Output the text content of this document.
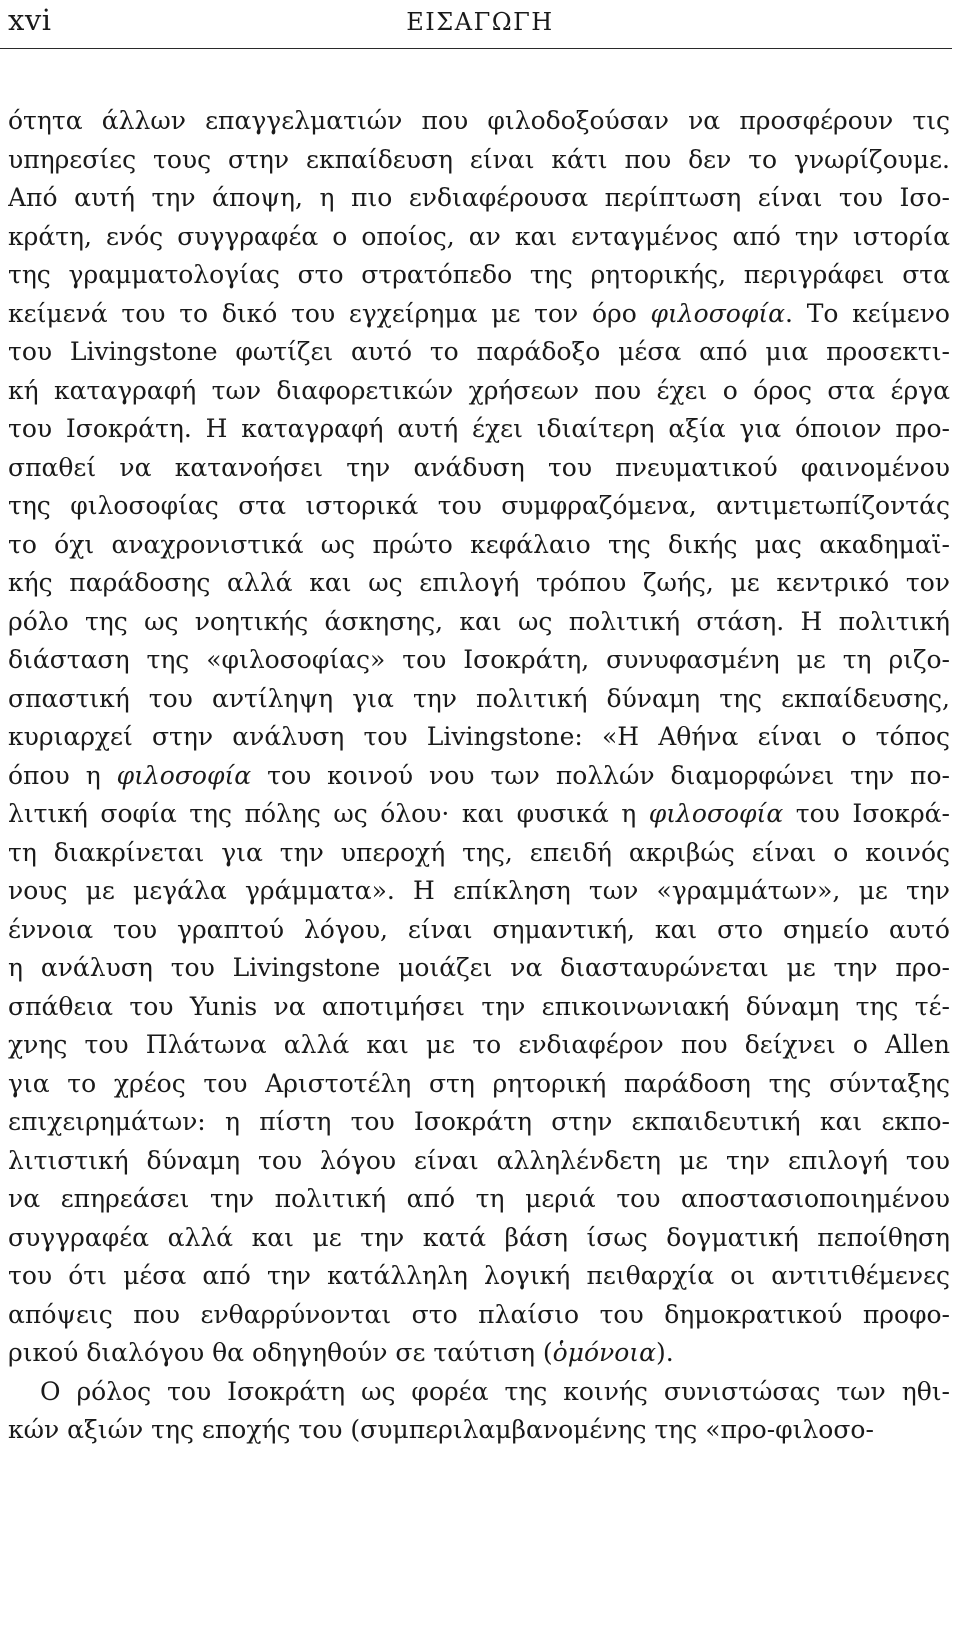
xvi	ΕΙΣΑΓΩΓΗ
ότητα άλλων επαγγελματιών που φιλοδοξούσαν να προσφέρουν τις
υπηρεσίες τους στην εκπαίδευση είναι κάτι που δεν το γνωρίζουμε.
Από αυτή την άποψη, η πιο ενδιαφέρουσα περίπτωση είναι του Ισο-
κράτη, ενός συγγραφέα ο οποίος, αν και ενταγμένος από την ιστορία
της γραμματολογίας στο στρατόπεδο της ρητορικής, περιγράφει στα
κείμενά του το δικό του εγχείρημα με τον όρο φιλοσοφία. Το κείμενο
του Livingstone φωτίζει αυτό το παράδοξο μέσα από μια προσεκτι-
κή καταγραφή των διαφορετικών χρήσεων που έχει ο όρος στα έργα
του Ισοκράτη. Η καταγραφή αυτή έχει ιδιαίτερη αξία για όποιον προ-
σπαθεί να κατανοήσει την ανάδυση του πνευματικού φαινομένου
της φιλοσοφίας στα ιστορικά του συμφραζόμενα, αντιμετωπίζοντάς
το όχι αναχρονιστικά ως πρώτο κεφάλαιο της δικής μας ακαδημαϊ-
κής παράδοσης αλλά και ως επιλογή τρόπου ζωής, με κεντρικό τον
ρόλο της ως νοητικής άσκησης, και ως πολιτική στάση. Η πολιτική
διάσταση της «φιλοσοφίας» του Ισοκράτη, συνυφασμένη με τη ριζο-
σπαστική του αντίληψη για την πολιτική δύναμη της εκπαίδευσης,
κυριαρχεί στην ανάλυση του Livingstone: «Η Αθήνα είναι ο τόπος
όπου η φιλοσοφία του κοινού νου των πολλών διαμορφώνει την πο-
λιτική σοφία της πόλης ως όλου· και φυσικά η φιλοσοφία του Ισοκρά-
τη διακρίνεται για την υπεροχή της, επειδή ακριβώς είναι ο κοινός
νους με μεγάλα γράμματα». Η επίκληση των «γραμμάτων», με την
έννοια του γραπτού λόγου, είναι σημαντική, και στο σημείο αυτό
η ανάλυση του Livingstone μοιάζει να διασταυρώνεται με την προ-
σπάθεια του Yunis να αποτιμήσει την επικοινωνιακή δύναμη της τέ-
χνης του Πλάτωνα αλλά και με το ενδιαφέρον που δείχνει ο Allen
για το χρέος του Αριστοτέλη στη ρητορική παράδοση της σύνταξης
επιχειρημάτων: η πίστη του Ισοκράτη στην εκπαιδευτική και εκπο-
λιτιστική δύναμη του λόγου είναι αλληλένδετη με την επιλογή του
να επηρεάσει την πολιτική από τη μεριά του αποστασιοποιημένου
συγγραφέα αλλά και με την κατά βάση ίσως δογματική πεποίθηση
του ότι μέσα από την κατάλληλη λογική πειθαρχία οι αντιτιθέμενες
απόψεις που ενθαρρύνονται στο πλαίσιο του δημοκρατικού προφο-
ρικού διαλόγου θα οδηγηθούν σε ταύτιση (ὁμόνοια).
Ο ρόλος του Ισοκράτη ως φορέα της κοινής συνιστώσας των ηθι-
κών αξιών της εποχής του (συμπεριλαμβανομένης της «προ-φιλοσο-
